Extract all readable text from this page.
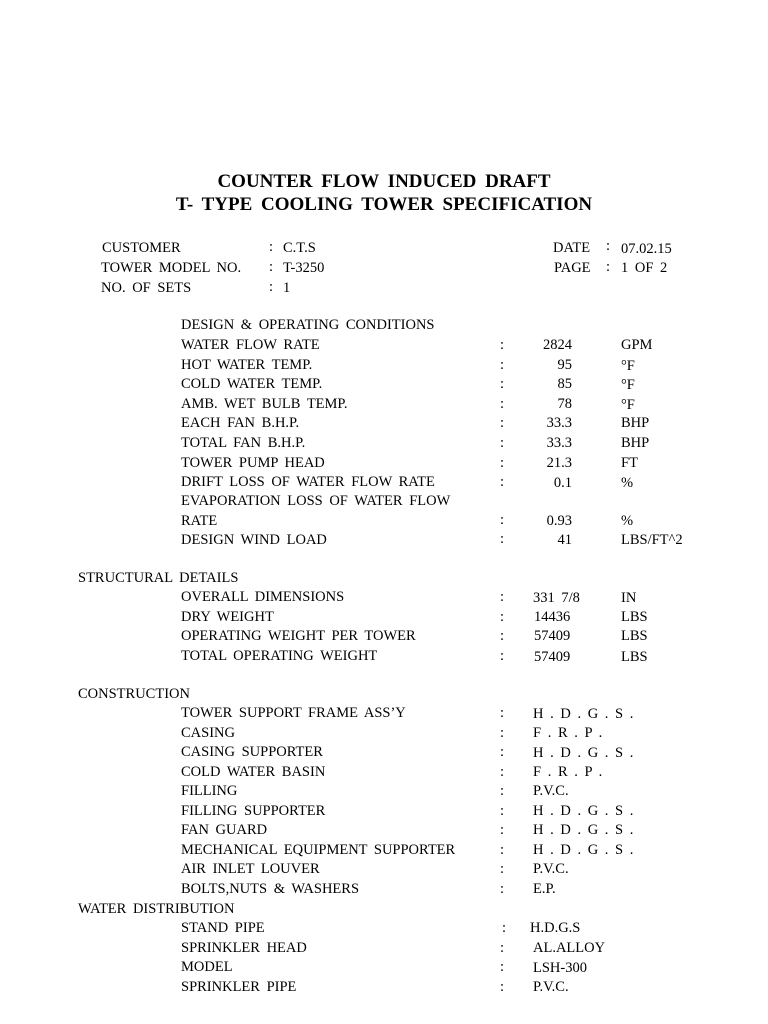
COUNTER FLOW INDUCED DRAFT
T- TYPE COOLING TOWER SPECIFICATION
CUSTOMER	: C.T.S
TOWER MODEL NO. : T-3250
NO. OF SETS	: 1
DATE : 07.02.15
PAGE : 1 OF 2
DESIGN & OPERATING CONDITIONS
WATER FLOW RATE	:	2824	GPM
HOT WATER TEMP.	:	95	°F
COLD WATER TEMP.	:	85	°F
AMB. WET BULB TEMP.	:	78	°F
EACH FAN B.H.P.	:	33.3	BHP
TOTAL FAN B.H.P.	:	33.3	BHP
TOWER PUMP HEAD	:	21.3	FT
DRIFT LOSS OF WATER FLOW RATE	:	0.1	%
EVAPORATION LOSS OF WATER FLOW
RATE	:	0.93	%
DESIGN WIND LOAD	:	41	LBS/FT^2
STRUCTURAL DETAILS
OVERALL DIMENSIONS	: 331 7/8	IN
DRY WEIGHT	: 14436	LBS
OPERATING WEIGHT PER TOWER	: 57409	LBS
TOTAL OPERATING WEIGHT	: 57409	LBS
CONSTRUCTION
TOWER SUPPORT FRAME ASS’Y	: H . D . G . S .
CASING	: F . R . P .
CASING SUPPORTER	: H . D . G . S .
COLD WATER BASIN	: F . R . P .
FILLING	: P.V.C.
FILLING SUPPORTER	: H . D . G . S .
FAN GUARD	: H . D . G . S .
MECHANICAL EQUIPMENT SUPPORTER	: H . D . G . S .
AIR INLET LOUVER	: P.V.C.
BOLTS,NUTS & WASHERS	: E.P.
WATER DISTRIBUTION
STAND PIPE	: H.D.G.S
SPRINKLER HEAD	: AL.ALLOY
MODEL	: LSH-300
SPRINKLER PIPE	: P.V.C.
